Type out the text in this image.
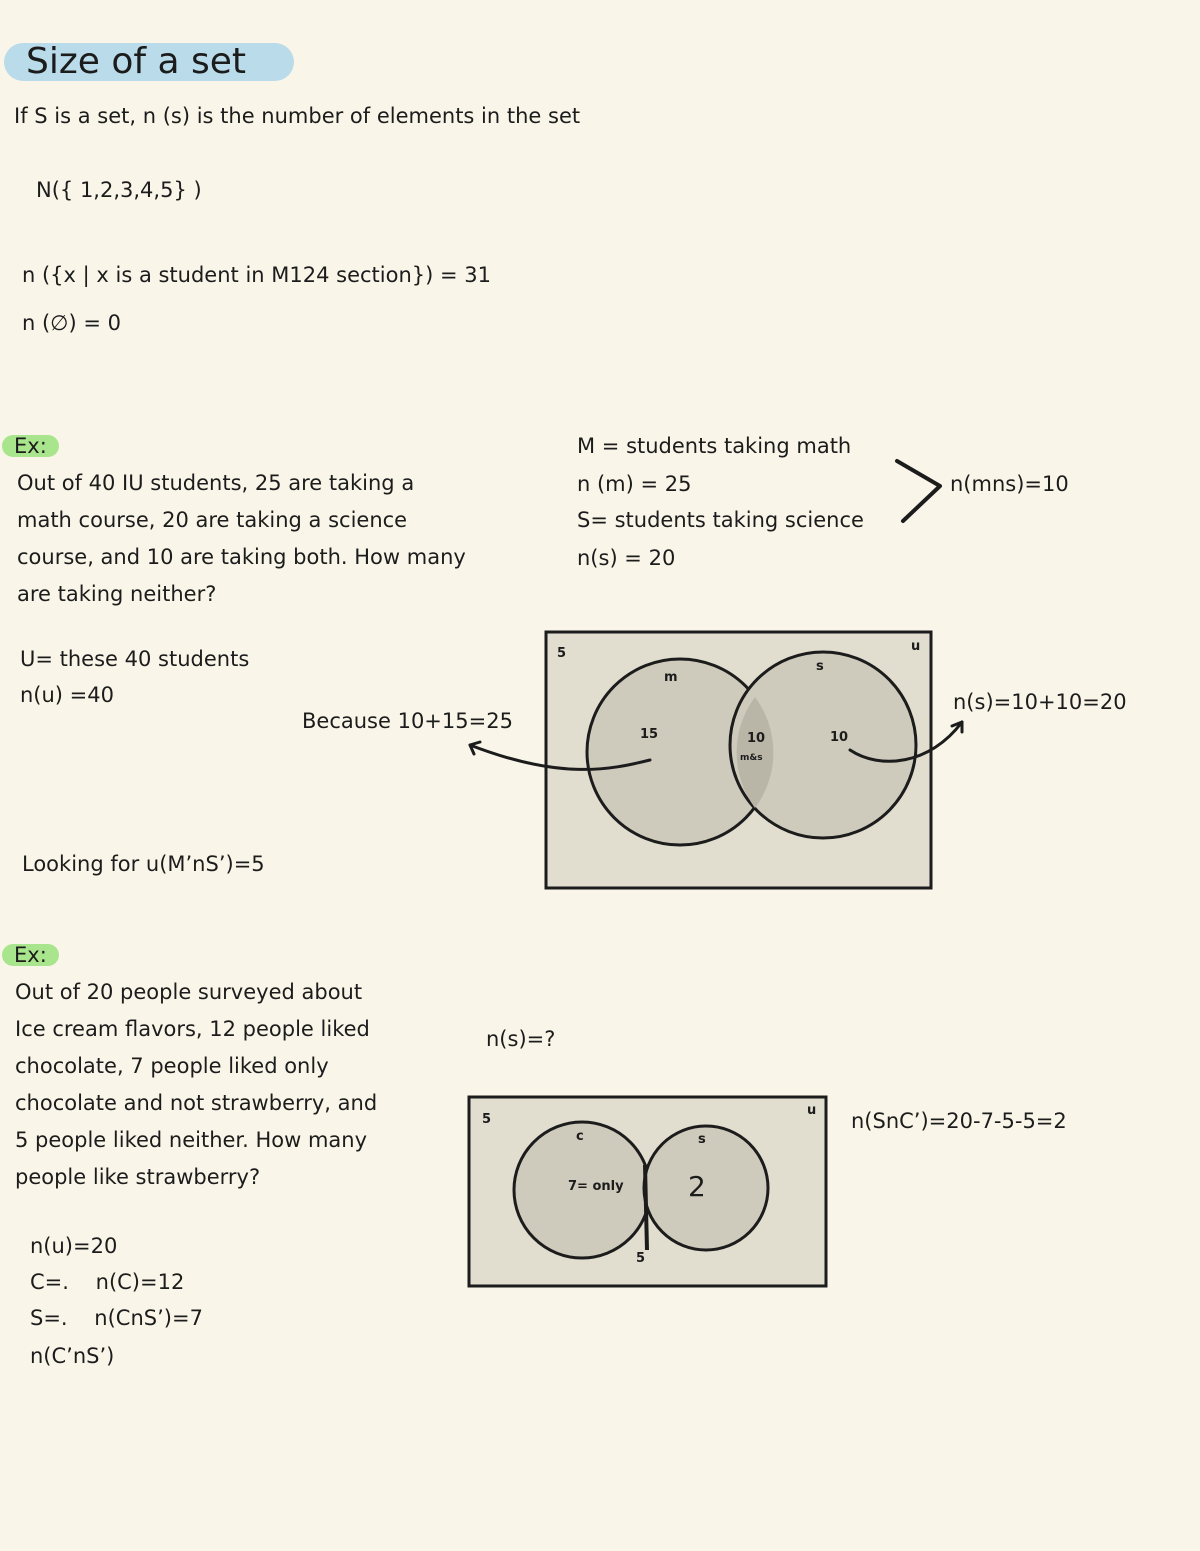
Size of a set
If S is a set, n (s) is the number of elements in the set
N({ 1,2,3,4,5} )
n ({x | x is a student in M124 section}) = 31
n (∅) = 0
Ex:
Out of 40 IU students, 25 are taking a
math course, 20 are taking a science
course, and 10 are taking both. How many
are taking neither?
M = students taking math
n (m) = 25
S= students taking science
n(s) = 20
n(mns)=10
U= these 40 students
n(u) =40
Because 10+15=25
n(s)=10+10=20
Looking for u(M’nS’)=5
Ex:
Out of 20 people surveyed about
Ice cream flavors, 12 people liked
chocolate, 7 people liked only
chocolate and not strawberry, and
5 people liked neither. How many
people like strawberry?
n(s)=?
n(SnC’)=20-7-5-5=2
n(u)=20
C=.    n(C)=12
S=.    n(CnS’)=7
n(C’nS’)
5	u
m
s
15	10
m&s
10
5
u
c	s
7= only 2
5
